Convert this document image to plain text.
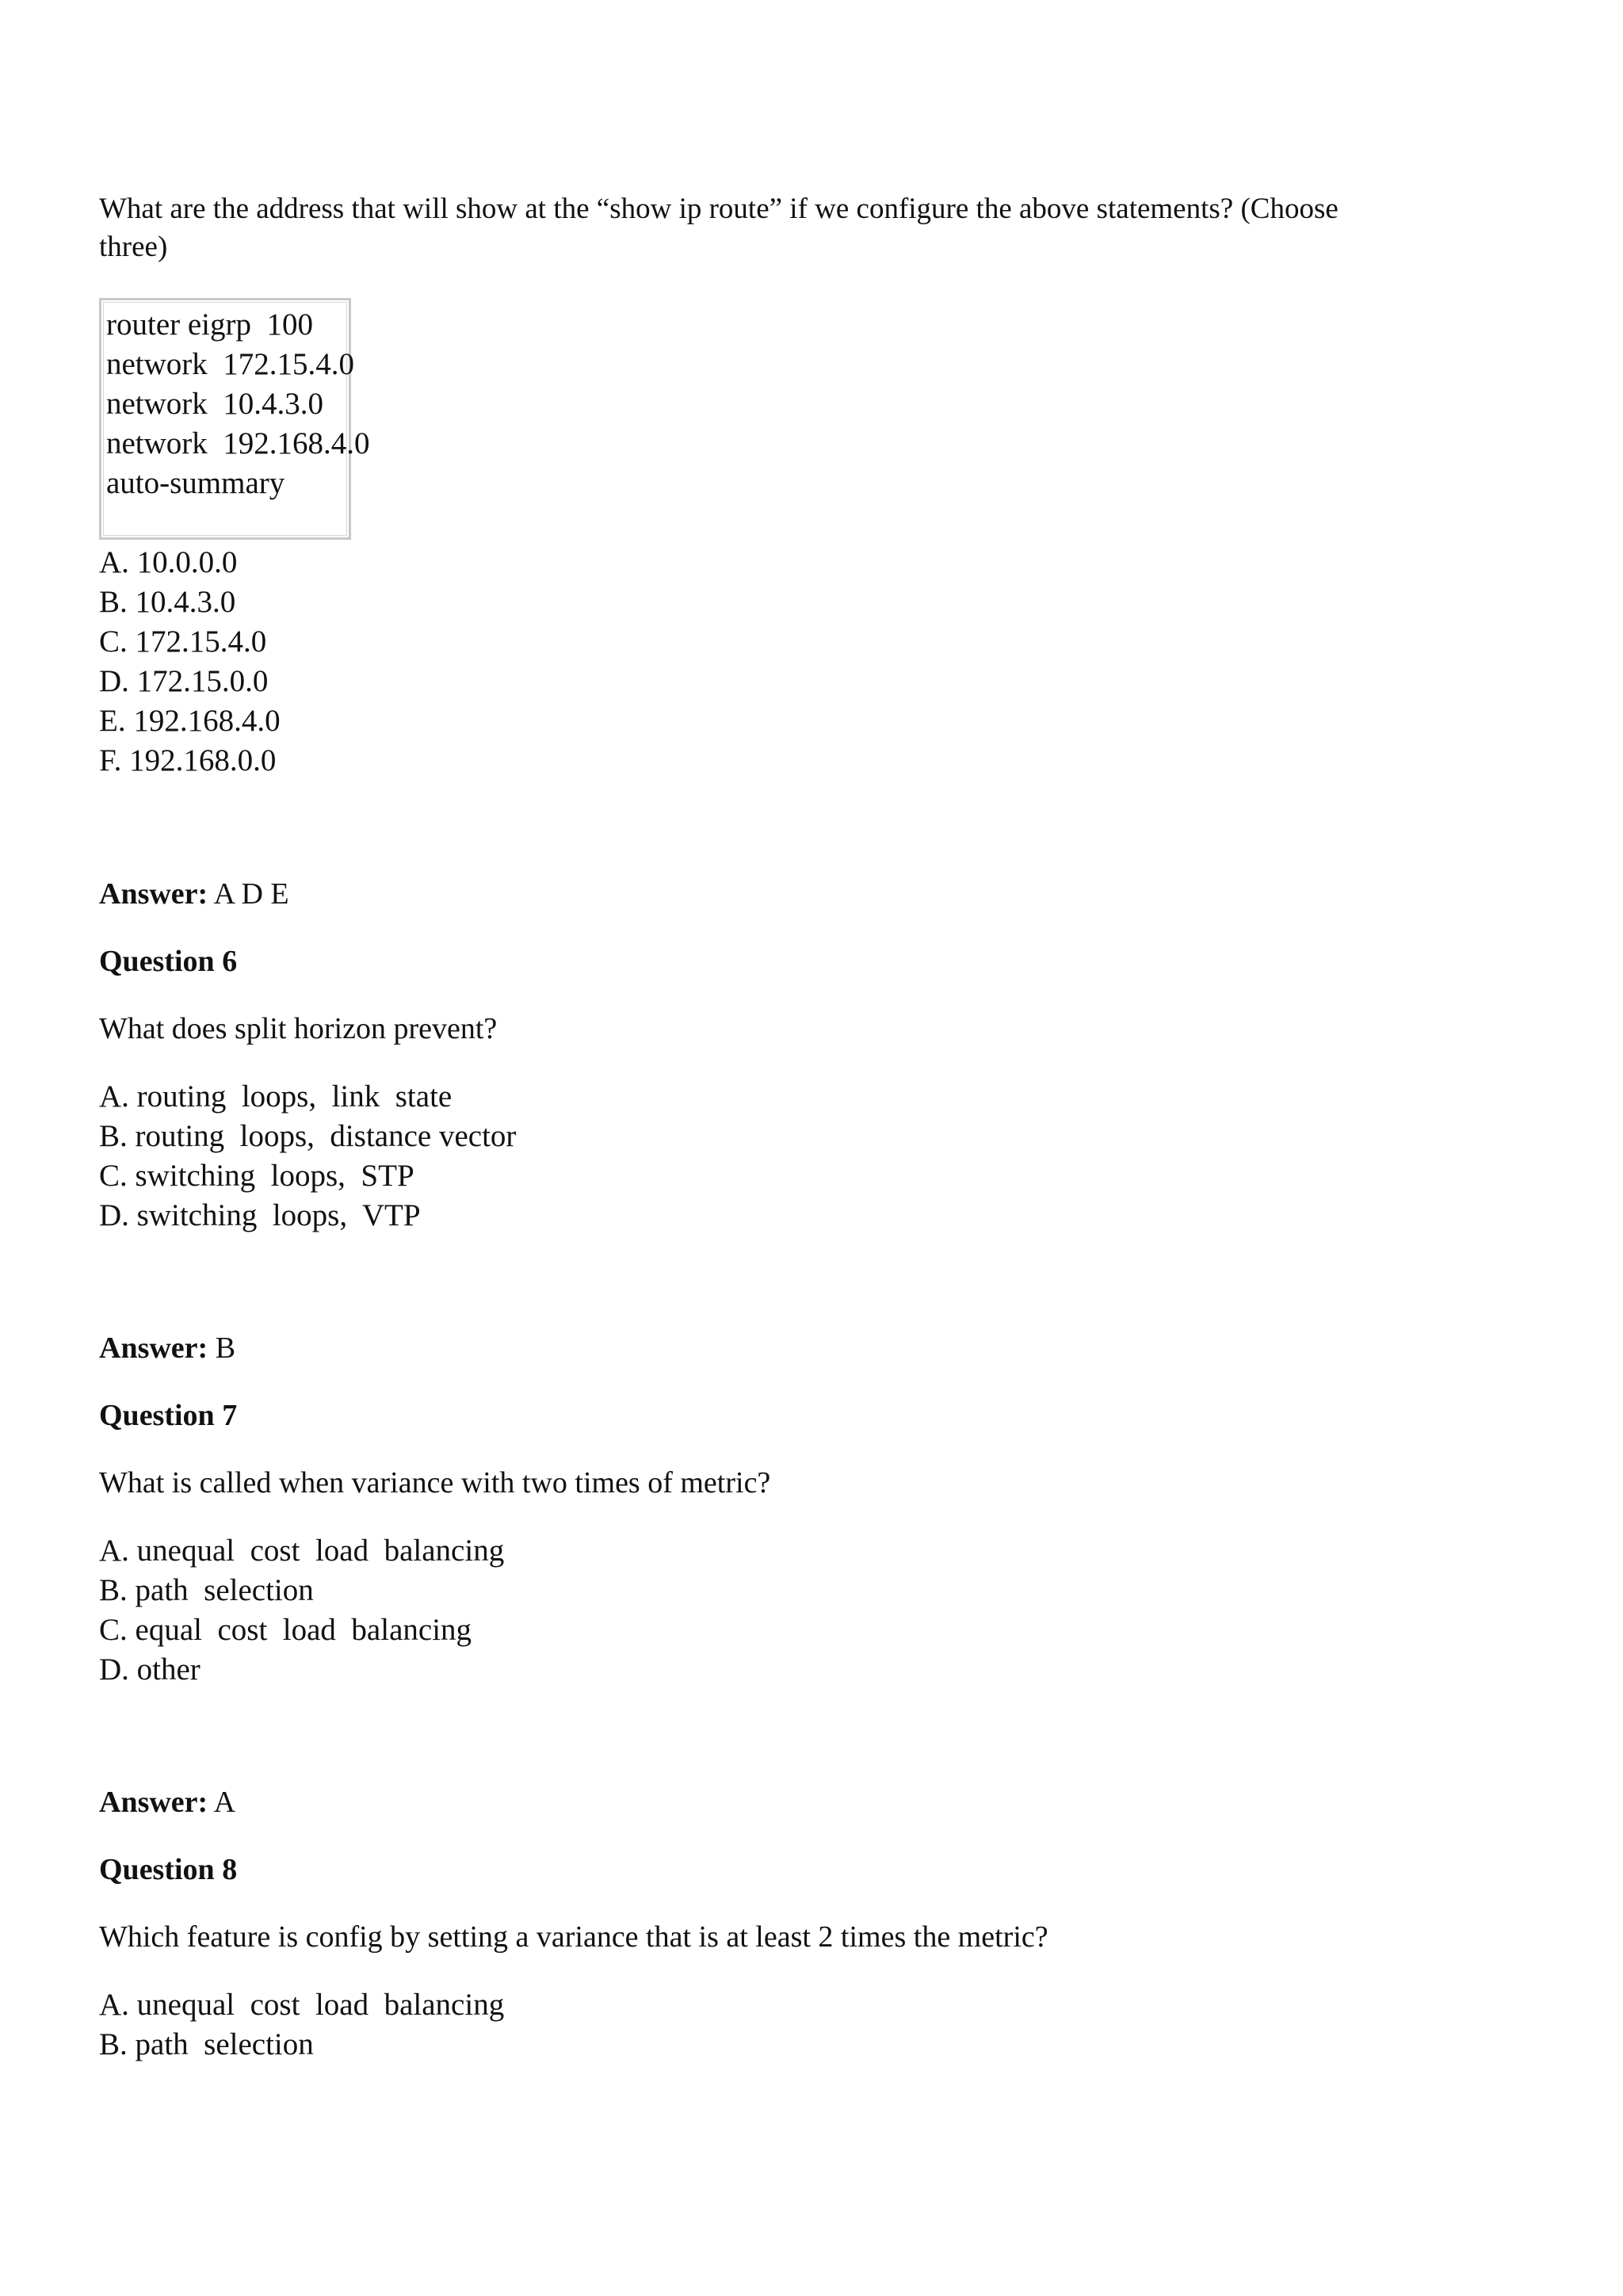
What are the address that will show at the “show ip route” if we configure the above statements? (Choose three)

router eigrp  100
network  172.15.4.0
network  10.4.3.0
network  192.168.4.0
auto-summary
A. 10.0.0.0
B. 10.4.3.0
C. 172.15.4.0
D. 172.15.0.0
E. 192.168.4.0
F. 192.168.0.0
Answer: A D E
Question 6
What does split horizon prevent?
A. routing  loops,  link  state
B. routing  loops,  distance vector
C. switching  loops,  STP
D. switching  loops,  VTP
Answer: B
Question 7
What is called when variance with two times of metric?
A. unequal  cost  load  balancing
B. path  selection
C. equal  cost  load  balancing
D. other
Answer: A
Question 8
Which feature is config by setting a variance that is at least 2 times the metric?
A. unequal  cost  load  balancing
B. path  selection
